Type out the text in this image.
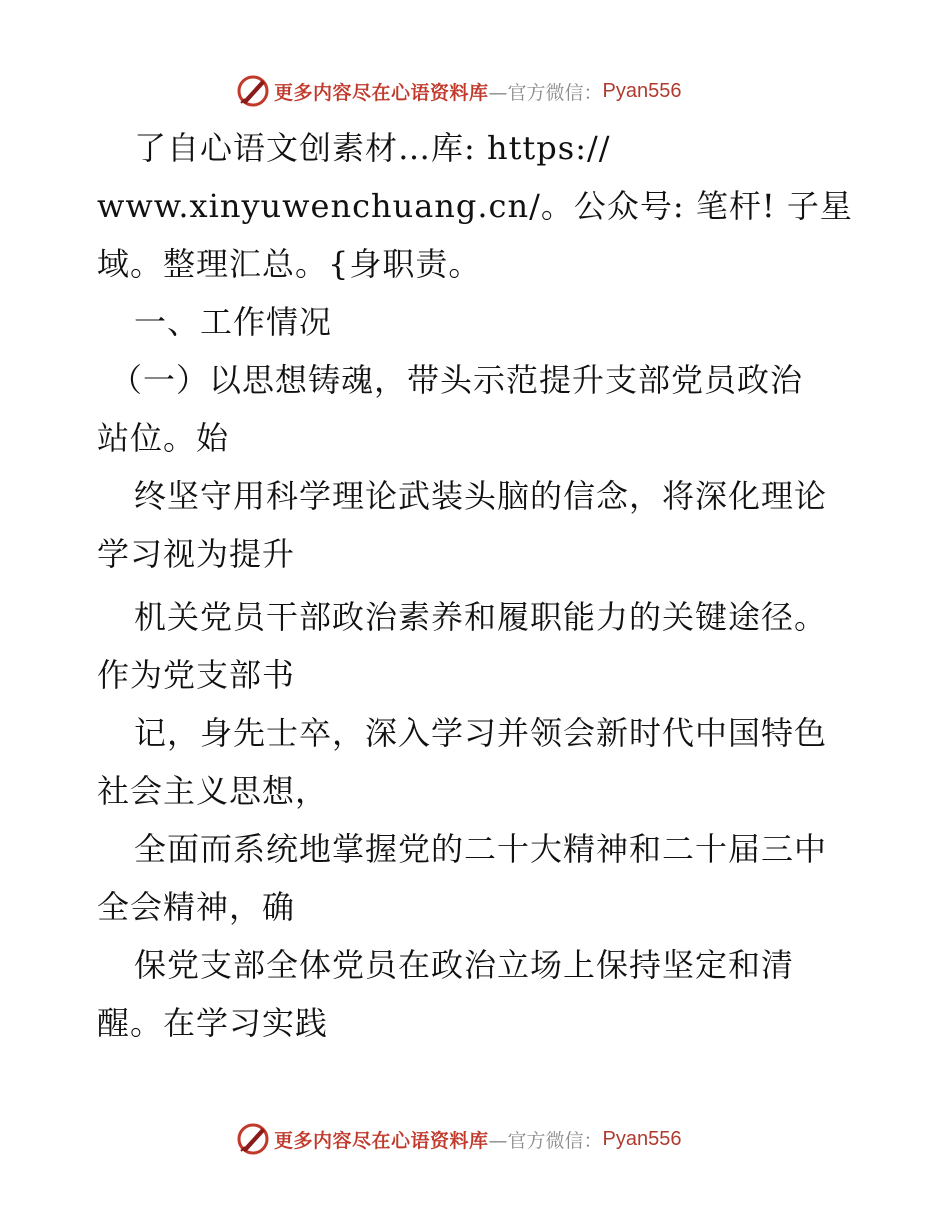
更多内容尽在心语资料库 —官方微信： Pyan556
了自心语文创素材…库: https://
www.xinyuwenchuang.cn/。公众号: 笔杆! 子星
域。整理汇总。{身职责。
一、工作情况
（一）以思想铸魂，带头示范提升支部党员政治
站位。始
终坚守用科学理论武装头脑的信念，将深化理论
学习视为提升
机关党员干部政治素养和履职能力的关键途径。
作为党支部书
记，身先士卒，深入学习并领会新时代中国特色
社会主义思想，
全面而系统地掌握党的二十大精神和二十届三中
全会精神，确
保党支部全体党员在政治立场上保持坚定和清
醒。在学习实践
更多内容尽在心语资料库 —官方微信： Pyan556
